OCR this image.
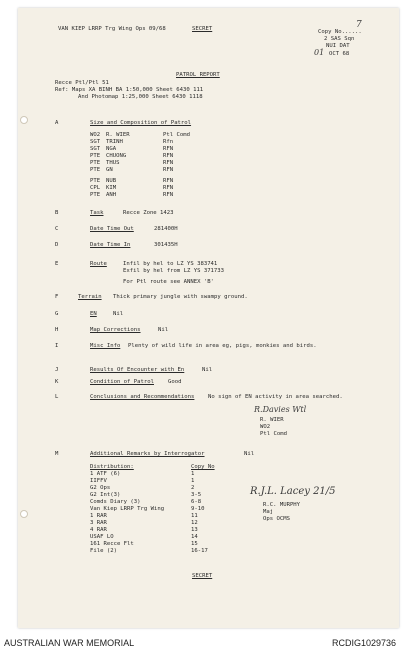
VAN KIEP LRRP Trg Wing Ops 09/68	SECRET	Copy No......
7
2 SAS Sqn
NUI DAT
01 OCT 68
PATROL REPORT
Recce Ptl/Ptl 51
Ref: Maps XA BINH BA 1:50,000 Sheet 6430 111
And Photomap 1:25,000 Sheet 6430 1118
A	Size and Composition of Patrol
WO2 R. WIER	Ptl Comd
SGT TRINH	Rfn
SGT NGA	RFN
PTE CHUONG	RFN
PTE THUS	RFN
PTE GN	RFN
PTE NUB	RFN
CPL KIM	RFN
PTE ANH	RFN
B	Task	Recce Zone 1423
C	Date Time Out	281400H
D	Date Time In	301435H
E	Route	Infil by hel to LZ YS 383741
Exfil by hel from LZ YS 371733
For Ptl route see ANNEX 'B'
F	Terrain Thick primary jungle with swampy ground.
G	EN	Nil
H	Map Corrections	Nil
I	Misc Info Plenty of wild life in area eg, pigs, monkies and birds.
J	Results Of Encounter with En	Nil
K	Condition of Patrol	Good
L	Conclusions and Recommendations No sign of EN activity in area searched.
R.Davies Wtl
R. WIER
WO2
Ptl Comd
M	Additional Remarks by Interrogator	Nil
Distribution:	Copy No
1 ATF (6)	1
IIFFV	1
G2 Ops	2
G2 Int(3)	3-5
Comds Diary (3)	6-8
Van Kiep LRRP Trg Wing	9-10
1 RAR	11
3 RAR	12
4 RAR	13
USAF LO	14
161 Recce Flt	15
File (2)	16-17
R.J.L. Lacey 21/5
R.C. MURPHY
Maj
Ops OCMS
SECRET
AUSTRALIAN WAR MEMORIAL	RCDIG1029736
